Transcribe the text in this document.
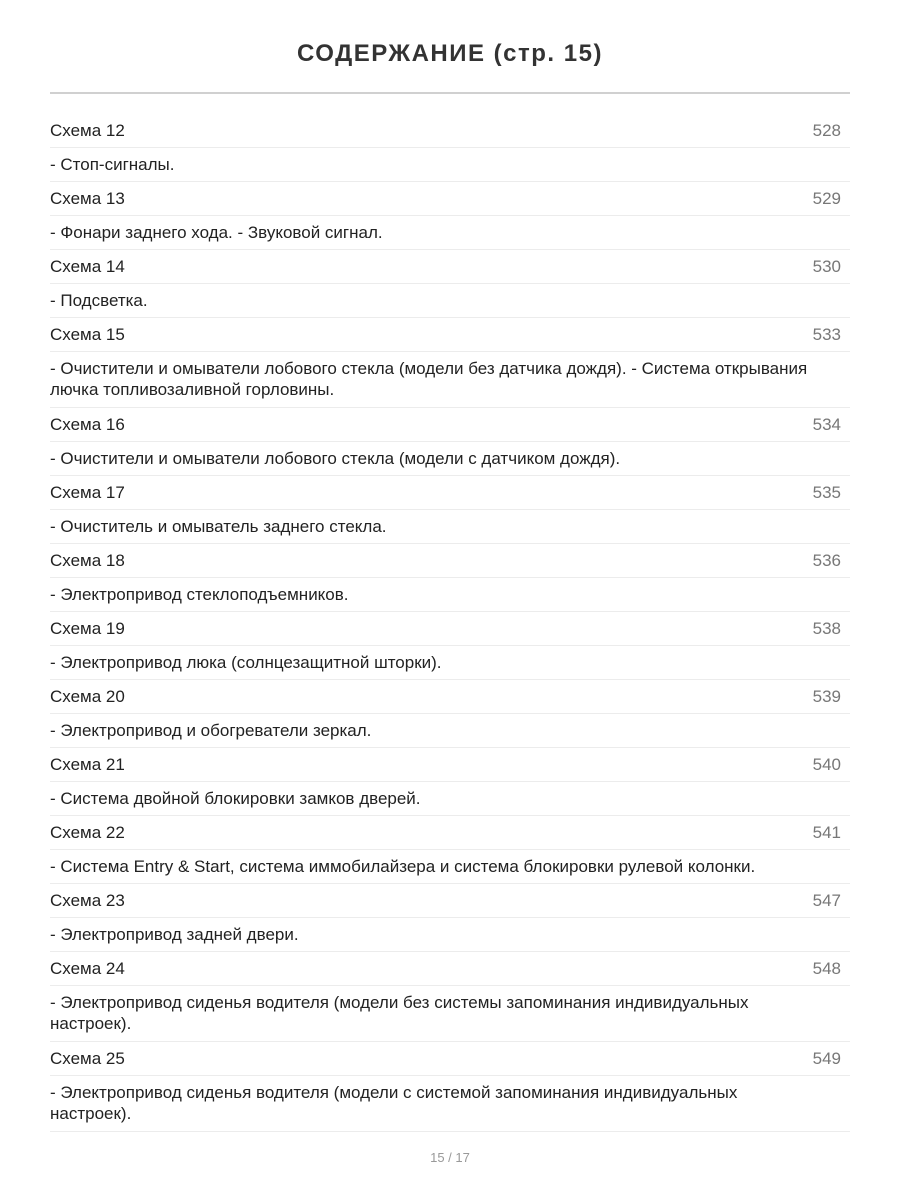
СОДЕРЖАНИЕ (стр. 15)
Схема 12	528
- Стоп-сигналы.
Схема 13	529
- Фонари заднего хода. - Звуковой сигнал.
Схема 14	530
- Подсветка.
Схема 15	533
- Очистители и омыватели лобового стекла (модели без датчика дождя). - Система открывания лючка топливозаливной горловины.
Схема 16	534
- Очистители и омыватели лобового стекла (модели с датчиком дождя).
Схема 17	535
- Очиститель и омыватель заднего стекла.
Схема 18	536
- Электропривод стеклоподъемников.
Схема 19	538
- Электропривод люка (солнцезащитной шторки).
Схема 20	539
- Электропривод и обогреватели зеркал.
Схема 21	540
- Система двойной блокировки замков дверей.
Схема 22	541
- Система Entry & Start, система иммобилайзера и система блокировки рулевой колонки.
Схема 23	547
- Электропривод задней двери.
Схема 24	548
- Электропривод сиденья водителя (модели без системы запоминания индивидуальных настроек).
Схема 25	549
- Электропривод сиденья водителя (модели с системой запоминания индивидуальных настроек).
15 / 17
